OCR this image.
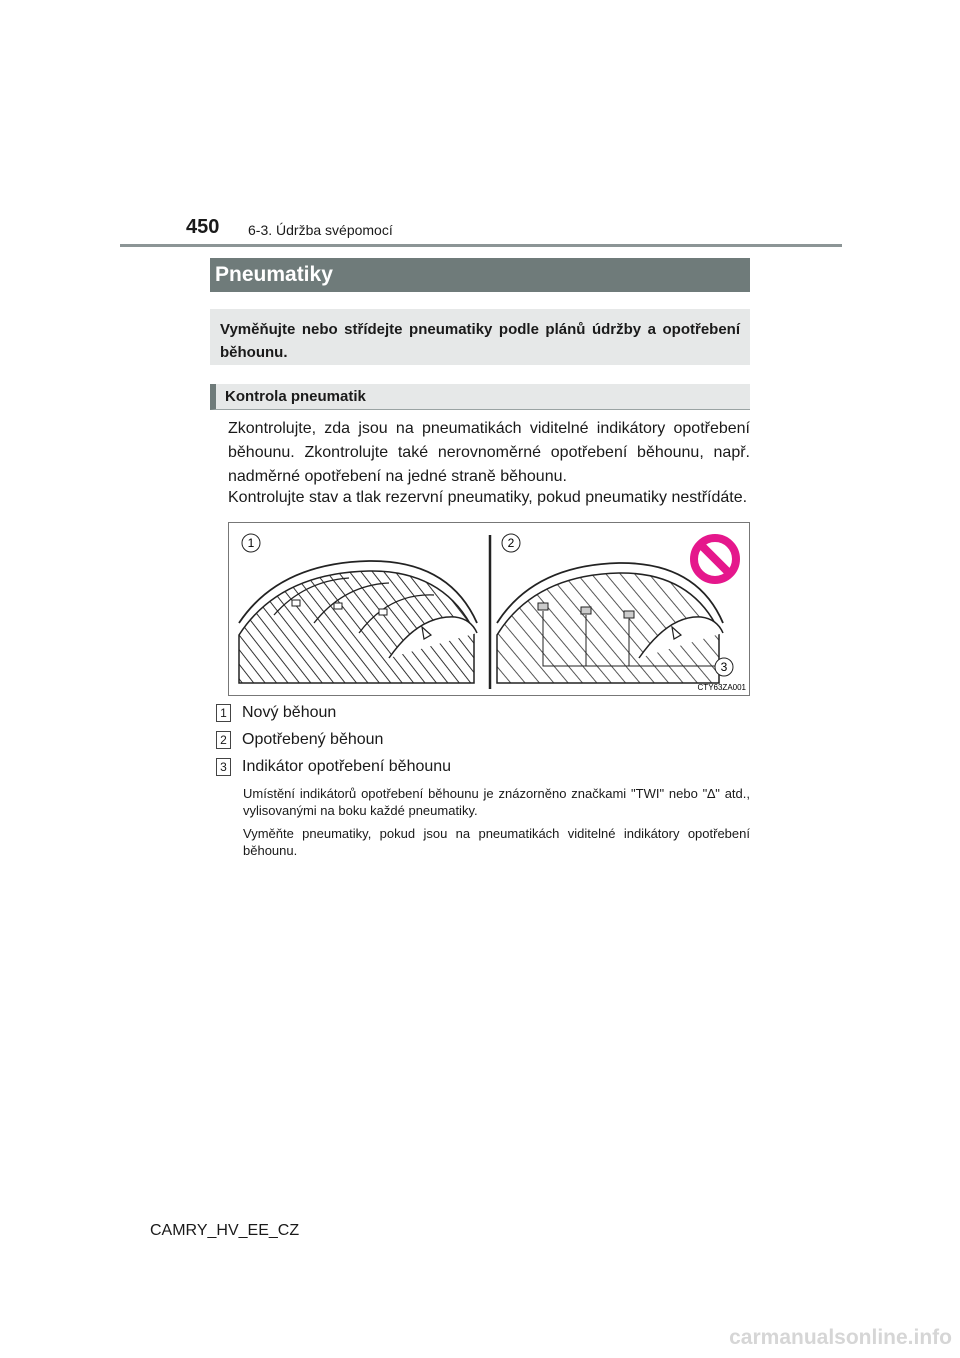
450 6-3. Údržba svépomocí
Pneumatiky
Vyměňujte nebo střídejte pneumatiky podle plánů údržby a opotřebení běhounu.
Kontrola pneumatik

Zkontrolujte, zda jsou na pneumatikách viditelné indikátory opotřebení běhounu. Zkontrolujte také nerovnoměrné opotřebení běhounu, např. nadměrné opotřebení na jedné straně běhounu.

Kontrolujte stav a tlak rezervní pneumatiky, pokud pneumatiky nestřídáte.

1	2
3
CTY63ZA001
1 Nový běhoun
2 Opotřebený běhoun
3 Indikátor opotřebení běhounu

Umístění indikátorů opotřebení běhounu je znázorněno značkami "TWI" nebo "∆" atd., vylisovanými na boku každé pneumatiky.

Vyměňte pneumatiky, pokud jsou na pneumatikách viditelné indikátory opotřebení běhounu.

CAMRY_HV_EE_CZ
carmanualsonline.info
